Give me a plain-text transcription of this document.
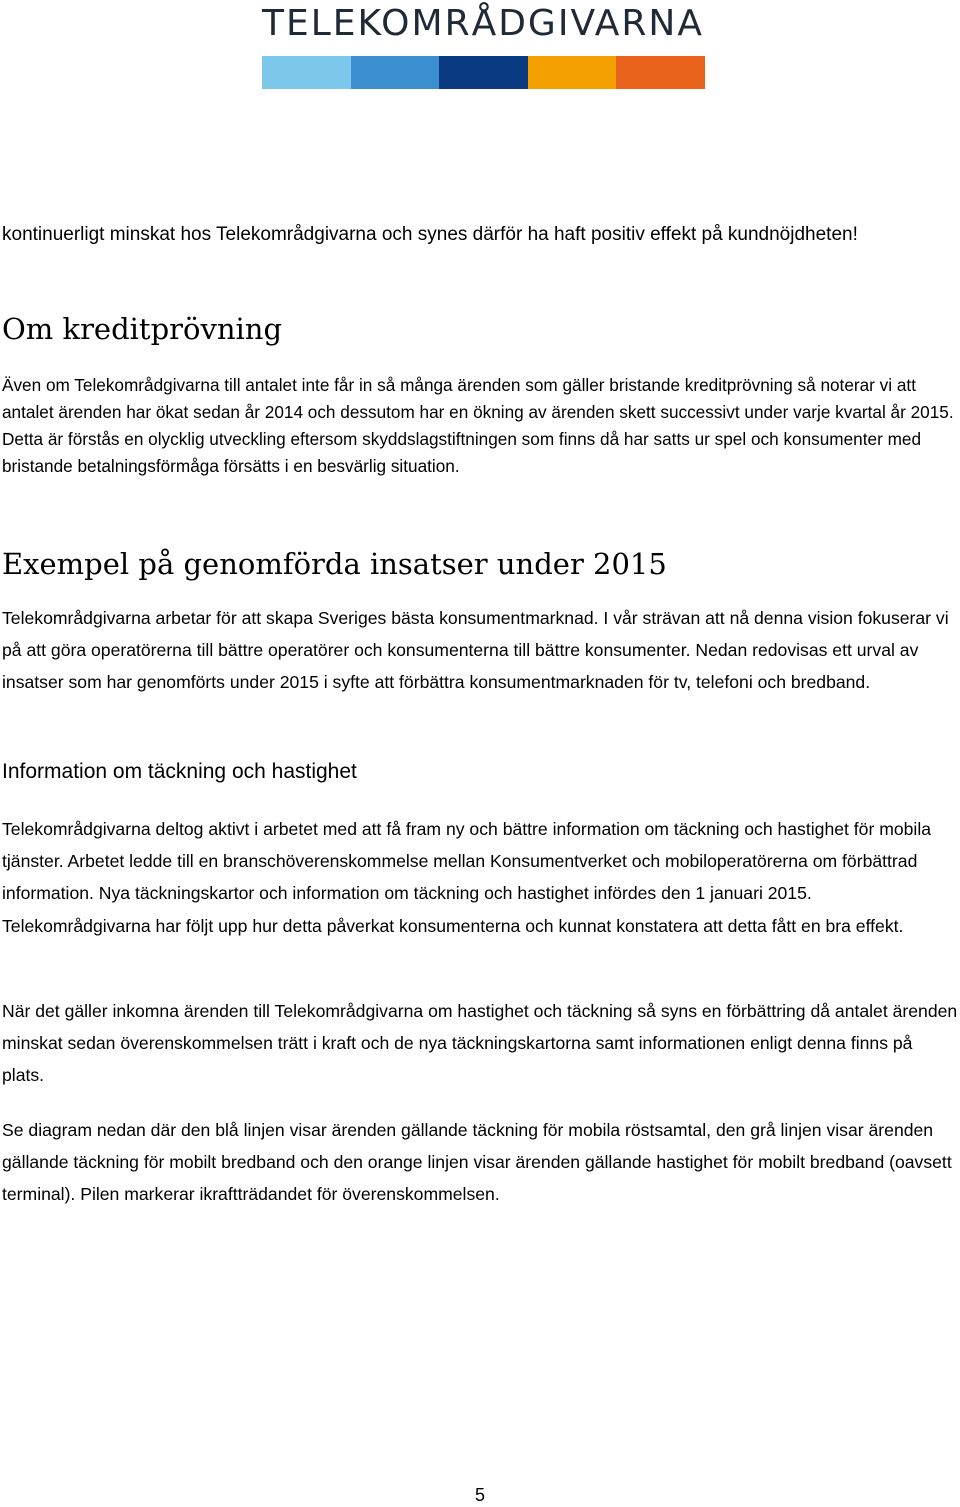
TELEKOMRÅDGIVARNA

kontinuerligt minskat hos Telekområdgivarna och synes därför ha haft positiv effekt på kundnöjdheten!

Om kreditprövning

Även om Telekområdgivarna till antalet inte får in så många ärenden som gäller bristande kreditprövning så noterar vi att antalet ärenden har ökat sedan år 2014 och dessutom har en ökning av ärenden skett successivt under varje kvartal år 2015. Detta är förstås en olycklig utveckling eftersom skyddslagstiftningen som finns då har satts ur spel och konsumenter med bristande betalningsförmåga försätts i en besvärlig situation.

Exempel på genomförda insatser under 2015

Telekområdgivarna arbetar för att skapa Sveriges bästa konsumentmarknad. I vår strävan att nå denna vision fokuserar vi på att göra operatörerna till bättre operatörer och konsumenterna till bättre konsumenter. Nedan redovisas ett urval av insatser som har genomförts under 2015 i syfte att förbättra konsumentmarknaden för tv, telefoni och bredband.

Information om täckning och hastighet

Telekområdgivarna deltog aktivt i arbetet med att få fram ny och bättre information om täckning och hastighet för mobila tjänster. Arbetet ledde till en branschöverenskommelse mellan Konsumentverket och mobiloperatörerna om förbättrad information. Nya täckningskartor och information om täckning och hastighet infördes den 1 januari 2015. Telekområdgivarna har följt upp hur detta påverkat konsumenterna och kunnat konstatera att detta fått en bra effekt.

När det gäller inkomna ärenden till Telekområdgivarna om hastighet och täckning så syns en förbättring då antalet ärenden minskat sedan överenskommelsen trätt i kraft och de nya täckningskartorna samt informationen enligt denna finns på plats.

Se diagram nedan där den blå linjen visar ärenden gällande täckning för mobila röstsamtal, den grå linjen visar ärenden gällande täckning för mobilt bredband och den orange linjen visar ärenden gällande hastighet för mobilt bredband (oavsett terminal). Pilen markerar ikraftträdandet för överenskommelsen.

5
